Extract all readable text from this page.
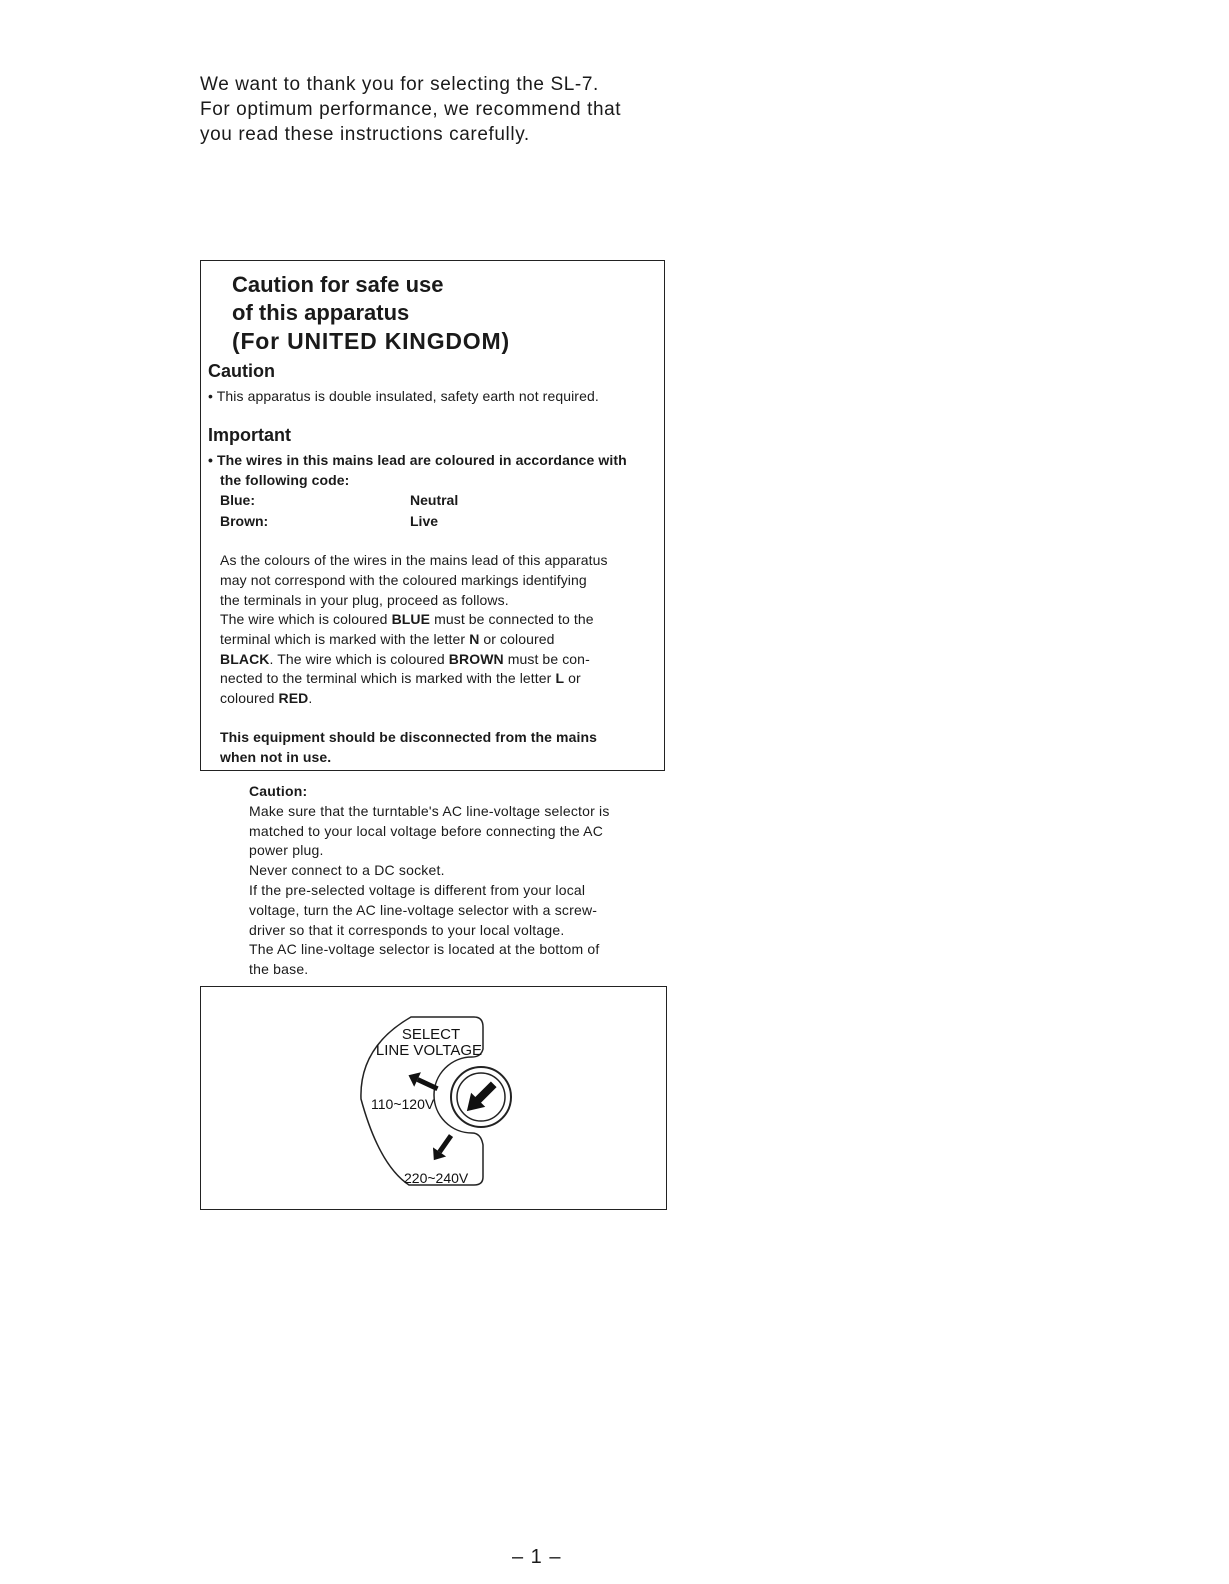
We want to thank you for selecting the SL-7.
For optimum performance, we recommend that
you read these instructions carefully.
Caution for safe use
of this apparatus
(For UNITED KINGDOM)
Caution
• This apparatus is double insulated, safety earth not required.
Important
• The wires in this mains lead are coloured in accordance with
the following code:
Blue:	Neutral
Brown:	Live
As the colours of the wires in the mains lead of this apparatus
may not correspond with the coloured markings identifying
the terminals in your plug, proceed as follows.
The wire which is coloured BLUE must be connected to the
terminal which is marked with the letter N or coloured
BLACK. The wire which is coloured BROWN must be con-
nected to the terminal which is marked with the letter L or
coloured RED.
This equipment should be disconnected from the mains
when not in use.
Caution:
Make sure that the turntable's AC line-voltage selector is
matched to your local voltage before connecting the AC
power plug.
Never connect to a DC socket.
If the pre-selected voltage is different from your local
voltage, turn the AC line-voltage selector with a screw-
driver so that it corresponds to your local voltage.
The AC line-voltage selector is located at the bottom of
the base.
SELECT
LINE VOLTAGE
110~120V
220~240V
– 1 –
